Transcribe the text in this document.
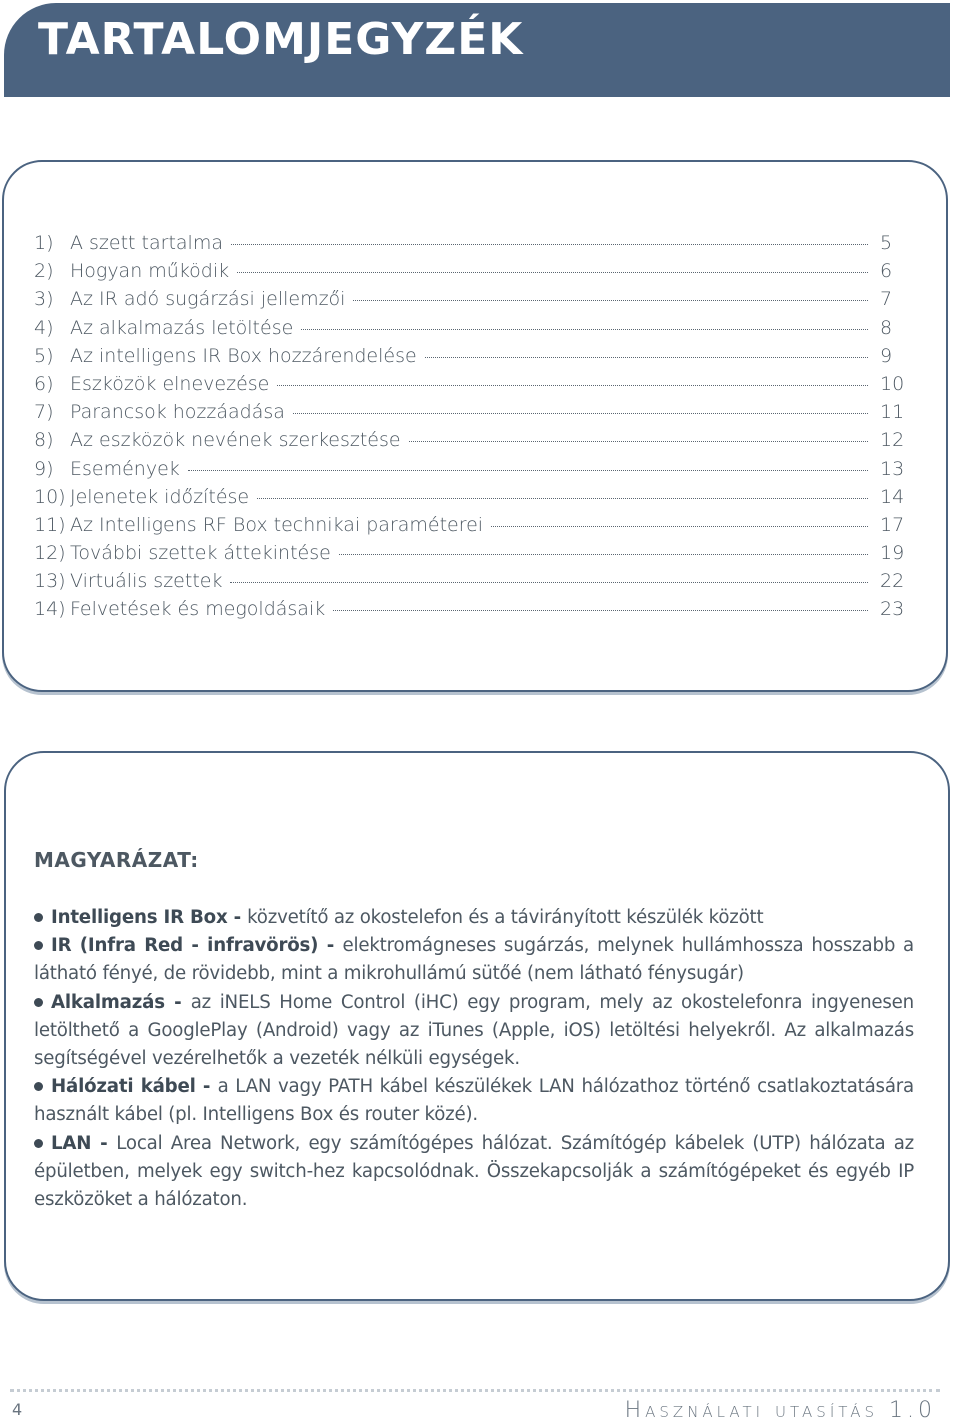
TARTALOMJEGYZÉK
1) A szett tartalma	5
2) Hogyan működik	6
3) Az IR adó sugárzási jellemzői	7
4) Az alkalmazás letöltése	8
5) Az intelligens IR Box hozzárendelése	9
6) Eszközök elnevezése	10
7) Parancsok hozzáadása	11
8) Az eszközök nevének szerkesztése	12
9) Események	13
10) Jelenetek időzítése	14
11) Az Intelligens RF Box technikai paraméterei	17
12) További szettek áttekintése	19
13) Virtuális szettek	22
14) Felvetések és megoldásaik	23
MAGYARÁZAT:

Intelligens IR Box - közvetítő az okostelefon és a távirányított készülék között

IR (Infra Red - infravörös) - elektromágneses sugárzás, melynek hullámhossza hosszabb a látható fényé, de rövidebb, mint a mikrohullámú sütőé (nem látható fénysugár)

Alkalmazás - az iNELS Home Control (iHC) egy program, mely az okostelefonra ingyenesen letölthető a GooglePlay (Android) vagy az iTunes (Apple, iOS) letöltési helyekről. Az alkalmazás segítségével vezérelhetők a vezeték nélküli egységek.

Hálózati kábel - a LAN vagy PATH kábel készülékek LAN hálózathoz történő csatlakoztatására használt kábel (pl. Intelligens Box és router közé).

LAN - Local Area Network, egy számítógépes hálózat. Számítógép kábelek (UTP) hálózata az épületben, melyek egy switch-hez kapcsolódnak. Összekapcsolják a számítógépeket és egyéb IP eszközöket a hálózaton.

4	Használati utasítás 1.0
